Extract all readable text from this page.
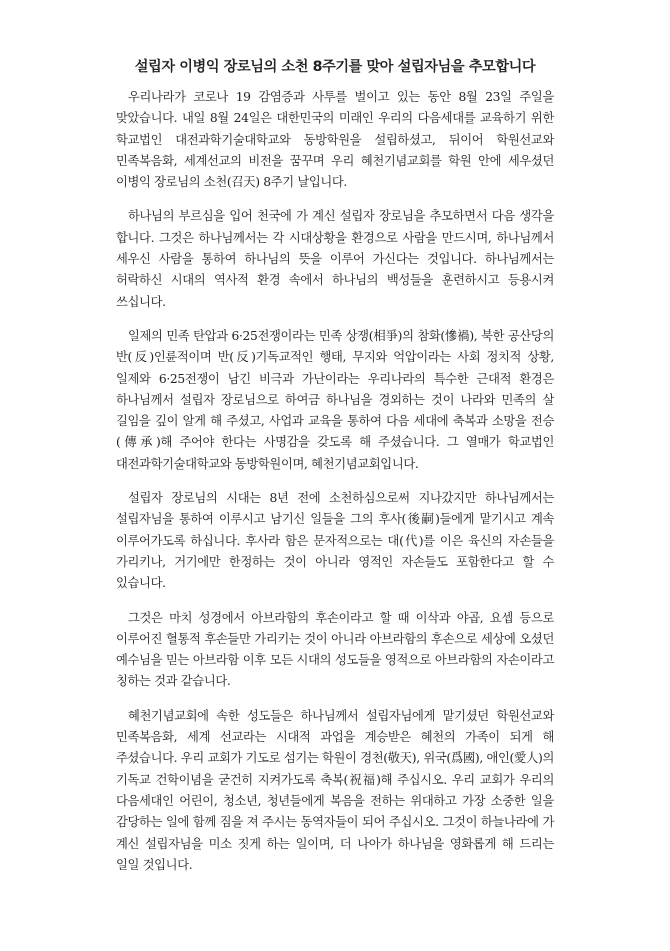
설립자 이병익 장로님의 소천 8주기를 맞아 설립자님을 추모합니다

우리나라가 코로나 19 감염증과 사투를 벌이고 있는 동안 8월 23일 주일을 맞았습니다. 내일 8월 24일은 대한민국의 미래인 우리의 다음세대를 교육하기 위한 학교법인 대전과학기술대학교와 동방학원을 설립하셨고, 뒤이어 학원선교와 민족복음화, 세계선교의 비전을 꿈꾸며 우리 혜천기념교회를 학원 안에 세우셨던 이병익 장로님의 소천(召天) 8주기 날입니다.

하나님의 부르심을 입어 천국에 가 계신 설립자 장로님을 추모하면서 다음 생각을 합니다. 그것은 하나님께서는 각 시대상황을 환경으로 사람을 만드시며, 하나님께서 세우신 사람을 통하여 하나님의 뜻을 이루어 가신다는 것입니다. 하나님께서는 허락하신 시대의 역사적 환경 속에서 하나님의 백성들을 훈련하시고 등용시켜 쓰십니다.

일제의 민족 탄압과 6·25전쟁이라는 민족 상쟁(相爭)의 참화(慘禍), 북한 공산당의 반(反)인륜적이며 반(反)기독교적인 행태, 무지와 억압이라는 사회 정치적 상황, 일제와 6·25전쟁이 남긴 비극과 가난이라는 우리나라의 특수한 근대적 환경은 하나님께서 설립자 장로님으로 하여금 하나님을 경외하는 것이 나라와 민족의 살 길임을 깊이 알게 해 주셨고, 사업과 교육을 통하여 다음 세대에 축복과 소망을 전승(傳承)해 주어야 한다는 사명감을 갖도록 해 주셨습니다. 그 열매가 학교법인 대전과학기술대학교와 동방학원이며, 혜천기념교회입니다.

설립자 장로님의 시대는 8년 전에 소천하심으로써 지나갔지만 하나님께서는 설립자님을 통하여 이루시고 남기신 일들을 그의 후사(後嗣)들에게 맡기시고 계속 이루어가도록 하십니다. 후사라 함은 문자적으로는 대(代)를 이은 육신의 자손들을 가리키나, 거기에만 한정하는 것이 아니라 영적인 자손들도 포함한다고 할 수 있습니다.

그것은 마치 성경에서 아브라함의 후손이라고 할 때 이삭과 야곱, 요셉 등으로 이루어진 혈통적 후손들만 가리키는 것이 아니라 아브라함의 후손으로 세상에 오셨던 예수님을 믿는 아브라함 이후 모든 시대의 성도들을 영적으로 아브라함의 자손이라고 칭하는 것과 같습니다.

혜천기념교회에 속한 성도들은 하나님께서 설립자님에게 맡기셨던 학원선교와 민족복음화, 세계 선교라는 시대적 과업을 계승받은 혜천의 가족이 되게 해 주셨습니다. 우리 교회가 기도로 섬기는 학원이 경천(敬天), 위국(爲國), 애인(愛人)의 기독교 건학이념을 굳건히 지켜가도록 축복(祝福)해 주십시오. 우리 교회가 우리의 다음세대인 어린이, 청소년, 청년들에게 복음을 전하는 위대하고 가장 소중한 일을 감당하는 일에 함께 짐을 져 주시는 동역자들이 되어 주십시오. 그것이 하늘나라에 가 계신 설립자님을 미소 짓게 하는 일이며, 더 나아가 하나님을 영화롭게 해 드리는 일일 것입니다.
